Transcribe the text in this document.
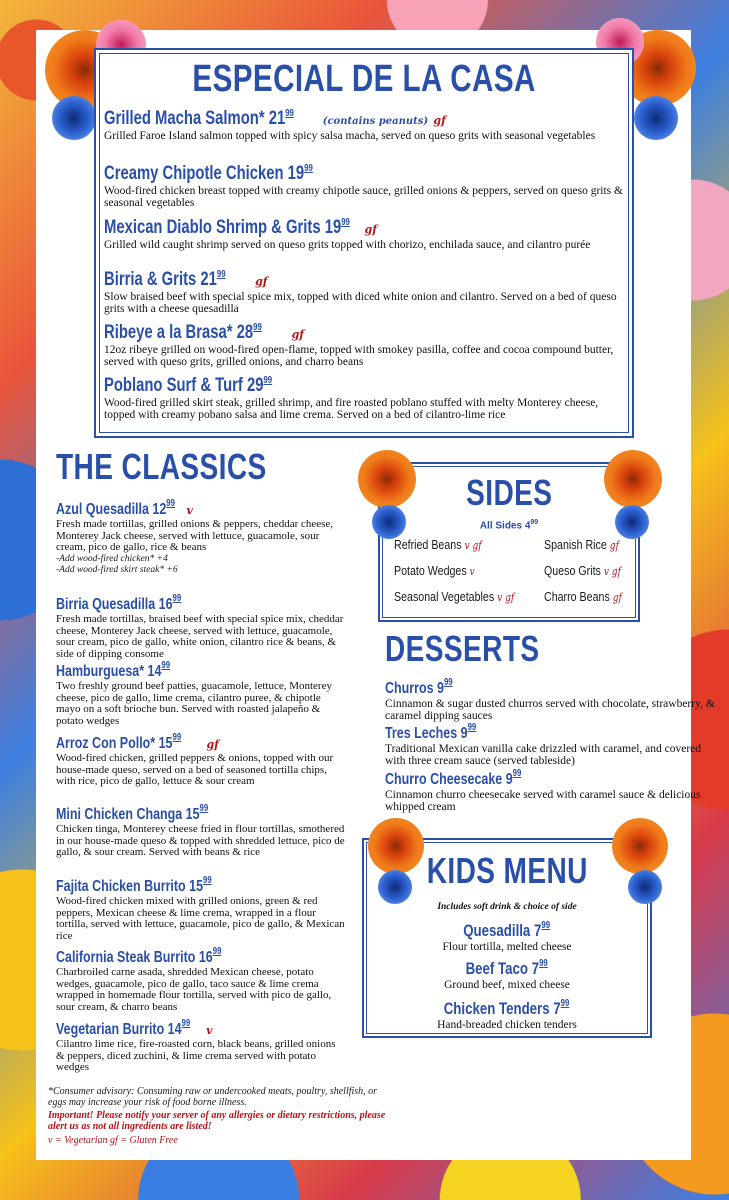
ESPECIAL DE LA CASA
Grilled Macha Salmon* $21^{99}$ (contains peanuts) gf
Grilled Faroe Island salmon topped with spicy salsa macha, served on queso grits with seasonal vegetables
Creamy Chipotle Chicken $19^{99}$
Wood-fired chicken breast topped with creamy chipotle sauce, grilled onions & peppers, served on queso grits & seasonal vegetables
Mexican Diablo Shrimp & Grits $19^{99}$ gf
Grilled wild caught shrimp served on queso grits topped with chorizo, enchilada sauce, and cilantro purée
Birria & Grits $21^{99}$ gf
Slow braised beef with special spice mix, topped with diced white onion and cilantro. Served on a bed of queso grits with a cheese quesadilla
Ribeye a la Brasa* $28^{99}$ gf
12oz ribeye grilled on wood-fired open-flame, topped with smokey pasilla, coffee and cocoa compound butter, served with queso grits, grilled onions, and charro beans
Poblano Surf & Turf $29^{99}$
Wood-fired grilled skirt steak, grilled shrimp, and fire roasted poblano stuffed with melty Monterey cheese, topped with creamy pobano salsa and lime crema. Served on a bed of cilantro-lime rice
THE CLASSICS
Azul Quesadilla $12^{99}v$
Fresh made tortillas, grilled onions & peppers, cheddar cheese, Monterey Jack cheese, served with lettuce, guacamole, sour cream, pico de gallo, rice & beans
-Add wood-fired chicken* +4
-Add wood-fired skirt steak* +6
Birria Quesadilla $16^{99}$
Fresh made tortillas, braised beef with special spice mix, cheddar cheese, Monterey Jack cheese, served with lettuce, guacamole, sour cream, pico de gallo, white onion, cilantro rice & beans, & side of dipping consome
Hamburguesa* $14^{99}$
Two freshly ground beef patties, guacamole, lettuce, Monterey cheese, pico de gallo, lime crema, cilantro puree, & chipotle mayo on a soft brioche bun. Served with roasted jalapeño & potato wedges
Arroz Con Pollo* $15^{99}gf$
Wood-fired chicken, grilled peppers & onions, topped with our house-made queso, served on a bed of seasoned tortilla chips, with rice, pico de gallo, lettuce & sour cream
Mini Chicken Changa $15^{99}$
Chicken tinga, Monterey cheese fried in flour tortillas, smothered in our house-made queso & topped with shredded lettuce, pico de gallo, & sour cream. Served with beans & rice
Fajita Chicken Burrito $15^{99}$
Wood-fired chicken mixed with grilled onions, green & red peppers, Mexican cheese & lime crema, wrapped in a flour tortilla, served with lettuce, guacamole, pico de gallo, & Mexican rice
California Steak Burrito $16^{99}$
Charbroiled carne asada, shredded Mexican cheese, potato wedges, guacamole, pico de gallo, taco sauce & lime crema wrapped in homemade flour tortilla, served with pico de gallo, sour cream, & charro beans
Vegetarian Burrito $14^{99}v$
Cilantro lime rice, fire-roasted corn, black beans, grilled onions & peppers, diced zuchini, & lime crema served with potato wedges
SIDES
All Sides $4^{99}$
Refried Beans v gf	Spanish Rice gf
Potato Wedges v	Queso Grits v gf
Seasonal Vegetables v gf	Charro Beans gf
DESSERTS
Churros $9^{99}$
Cinnamon & sugar dusted churros served with chocolate, strawberry, & caramel dipping sauces
Tres Leches $9^{99}$
Traditional Mexican vanilla cake drizzled with caramel, and covered with three cream sauce (served tableside)
Churro Cheesecake $9^{99}$
Cinnamon churro cheesecake served with caramel sauce & delicious whipped cream
KIDS MENU
Includes soft drink & choice of side
Quesadilla $7^{99}$
Flour tortilla, melted cheese
Beef Taco $7^{99}$
Ground beef, mixed cheese
Chicken Tenders $7^{99}$
Hand-breaded chicken tenders

*Consumer advisory: Consuming raw or undercooked meats, poultry, shellfish, or eggs may increase your risk of food borne illness.

Important! Please notify your server of any allergies or dietary restrictions, please alert us as not all ingredients are listed!

v = Vegetarian gf = Gluten Free
